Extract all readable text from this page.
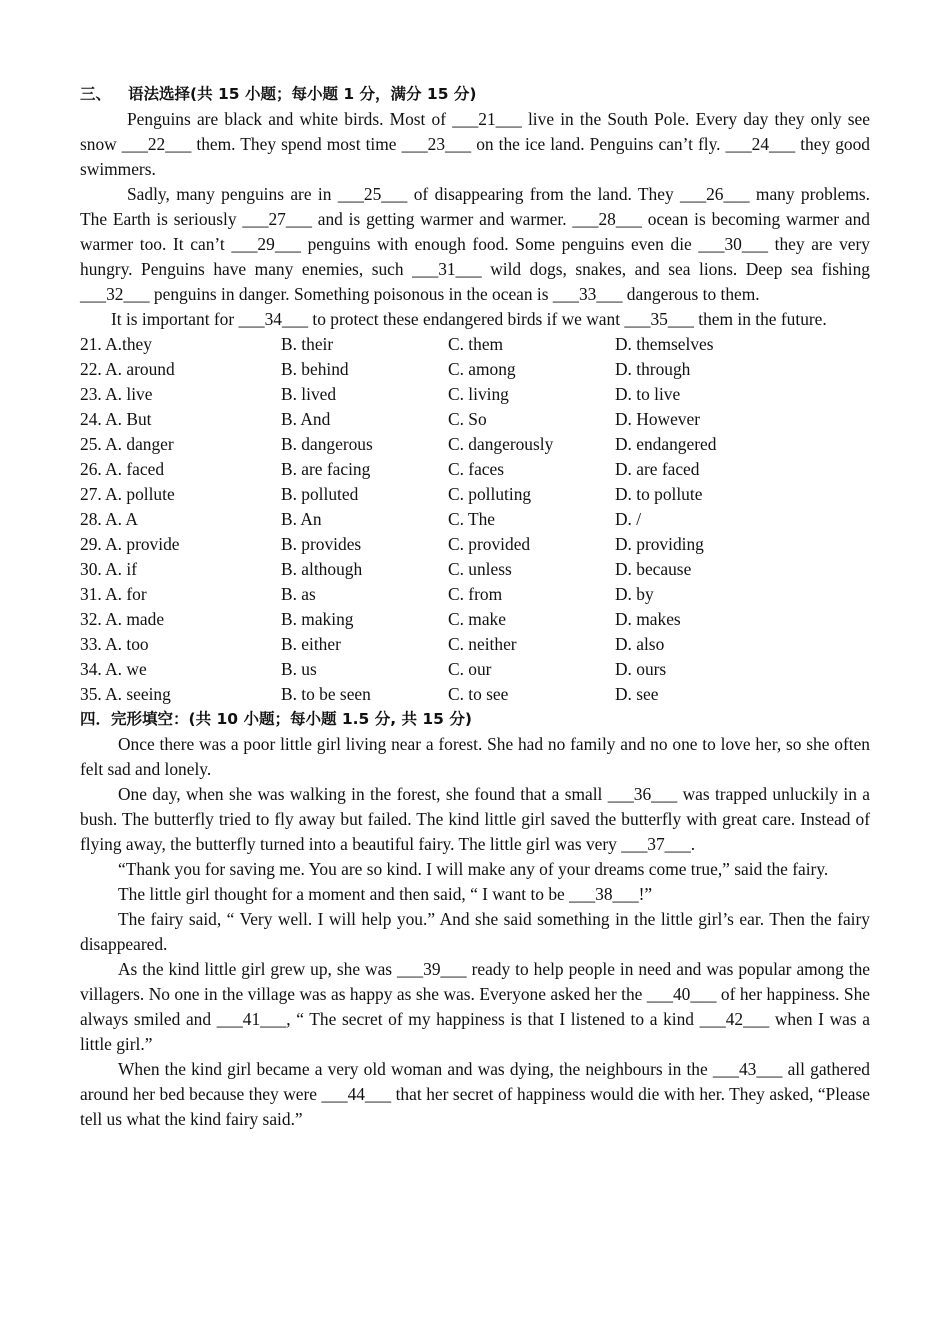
三、 语法选择(共 15 小题；每小题 1 分，满分 15 分)

Penguins are black and white birds. Most of ___21___ live in the South Pole. Every day they only see snow ___22___ them. They spend most time ___23___ on the ice land. Penguins can’t fly. ___24___ they good swimmers.

Sadly, many penguins are in ___25___ of disappearing from the land. They ___26___ many problems. The Earth is seriously ___27___ and is getting warmer and warmer. ___28___ ocean is becoming warmer and warmer too. It can’t ___29___ penguins with enough food. Some penguins even die ___30___ they are very hungry. Penguins have many enemies, such ___31___ wild dogs, snakes, and sea lions. Deep sea fishing ___32___ penguins in danger. Something poisonous in the ocean is ___33___ dangerous to them.

It is important for ___34___ to protect these endangered birds if we want ___35___ them in the future.

21. A.they	B. their	C. them	D. themselves
22. A. around	B. behind	C. among	D. through
23. A. live	B. lived	C. living	D. to live
24. A. But	B. And	C. So	D. However
25. A. danger	B. dangerous	C. dangerously	D. endangered
26. A. faced	B. are facing	C. faces	D. are faced
27. A. pollute	B. polluted	C. polluting	D. to pollute
28. A. A	B. An	C. The	D. /
29. A. provide	B. provides	C. provided	D. providing
30. A. if	B. although	C. unless	D. because
31. A. for	B. as	C. from	D. by
32. A. made	B. making	C. make	D. makes
33. A. too	B. either	C. neither	D. also
34. A. we	B. us	C. our	D. ours
35. A. seeing	B. to be seen	C. to see	D. see
四．完形填空：(共 10 小题；每小题 1.5 分, 共 15 分)

Once there was a poor little girl living near a forest. She had no family and no one to love her, so she often felt sad and lonely.

One day, when she was walking in the forest, she found that a small ___36___ was trapped unluckily in a bush. The butterfly tried to fly away but failed. The kind little girl saved the butterfly with great care. Instead of flying away, the butterfly turned into a beautiful fairy. The little girl was very ___37___.

“Thank you for saving me. You are so kind. I will make any of your dreams come true,” said the fairy.

The little girl thought for a moment and then said, “ I want to be ___38___!”

The fairy said, “ Very well. I will help you.” And she said something in the little girl’s ear. Then the fairy disappeared.

As the kind little girl grew up, she was ___39___ ready to help people in need and was popular among the villagers. No one in the village was as happy as she was. Everyone asked her the ___40___ of her happiness. She always smiled and ___41___, “ The secret of my happiness is that I listened to a kind ___42___ when I was a little girl.”

When the kind girl became a very old woman and was dying, the neighbours in the ___43___ all gathered around her bed because they were ___44___ that her secret of happiness would die with her. They asked, “Please tell us what the kind fairy said.”
